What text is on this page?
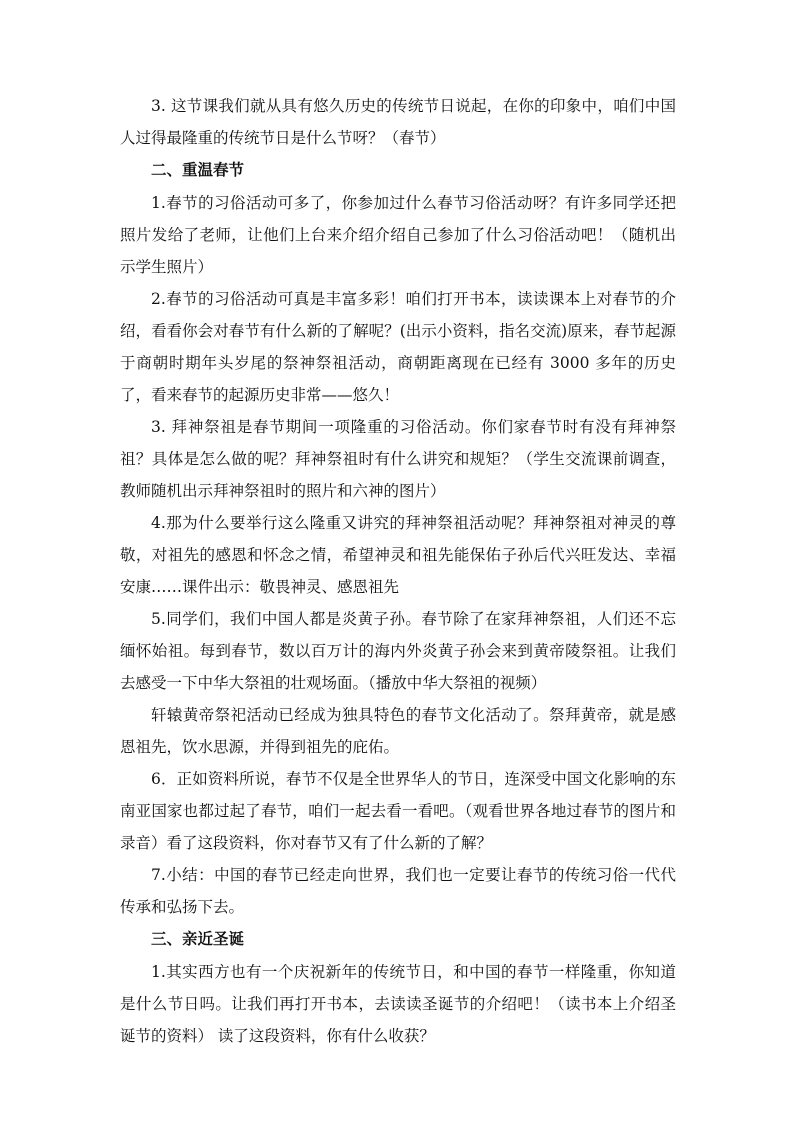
3. 这节课我们就从具有悠久历史的传统节日说起，在你的印象中，咱们中国人过得最隆重的传统节日是什么节呀？（春节）

二、重温春节

1.春节的习俗活动可多了，你参加过什么春节习俗活动呀？有许多同学还把照片发给了老师，让他们上台来介绍介绍自己参加了什么习俗活动吧！（随机出示学生照片）

2.春节的习俗活动可真是丰富多彩！咱们打开书本，读读课本上对春节的介绍，看看你会对春节有什么新的了解呢？(出示小资料，指名交流)原来，春节起源于商朝时期年头岁尾的祭神祭祖活动，商朝距离现在已经有 3000 多年的历史了，看来春节的起源历史非常——悠久！

3. 拜神祭祖是春节期间一项隆重的习俗活动。你们家春节时有没有拜神祭祖？具体是怎么做的呢？拜神祭祖时有什么讲究和规矩？（学生交流课前调查，教师随机出示拜神祭祖时的照片和六神的图片）

4.那为什么要举行这么隆重又讲究的拜神祭祖活动呢？拜神祭祖对神灵的尊敬，对祖先的感恩和怀念之情，希望神灵和祖先能保佑子孙后代兴旺发达、幸福安康……课件出示：敬畏神灵、感恩祖先

5.同学们，我们中国人都是炎黄子孙。春节除了在家拜神祭祖，人们还不忘缅怀始祖。每到春节，数以百万计的海内外炎黄子孙会来到黄帝陵祭祖。让我们去感受一下中华大祭祖的壮观场面。（播放中华大祭祖的视频）

轩辕黄帝祭祀活动已经成为独具特色的春节文化活动了。祭拜黄帝，就是感恩祖先，饮水思源，并得到祖先的庇佑。

6．正如资料所说，春节不仅是全世界华人的节日，连深受中国文化影响的东南亚国家也都过起了春节，咱们一起去看一看吧。（观看世界各地过春节的图片和录音）看了这段资料，你对春节又有了什么新的了解？

7.小结：中国的春节已经走向世界，我们也一定要让春节的传统习俗一代代传承和弘扬下去。

三、亲近圣诞

1.其实西方也有一个庆祝新年的传统节日，和中国的春节一样隆重，你知道是什么节日吗。让我们再打开书本，去读读圣诞节的介绍吧！（读书本上介绍圣诞节的资料） 读了这段资料，你有什么收获？
